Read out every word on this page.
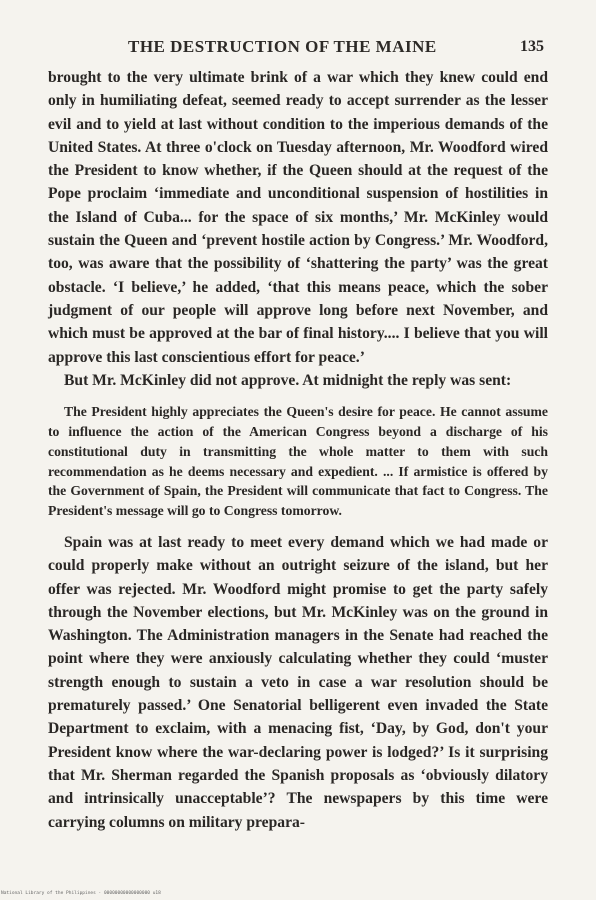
THE DESTRUCTION OF THE MAINE	135

brought to the very ultimate brink of a war which they knew could end only in humiliating defeat, seemed ready to accept surrender as the lesser evil and to yield at last without condition to the imperious demands of the United States. At three o'clock on Tuesday afternoon, Mr. Woodford wired the President to know whether, if the Queen should at the request of the Pope proclaim ‘immediate and unconditional suspension of hostilities in the Island of Cuba... for the space of six months,’ Mr. McKinley would sustain the Queen and ‘prevent hostile action by Congress.’ Mr. Woodford, too, was aware that the possibility of ‘shattering the party’ was the great obstacle. ‘I believe,’ he added, ‘that this means peace, which the sober judgment of our people will approve long before next November, and which must be approved at the bar of final history.... I believe that you will approve this last conscientious effort for peace.’

But Mr. McKinley did not approve. At midnight the reply was sent:

The President highly appreciates the Queen's desire for peace. He cannot assume to influence the action of the American Congress beyond a discharge of his constitutional duty in transmitting the whole matter to them with such recommendation as he deems necessary and expedient. ... If armistice is offered by the Government of Spain, the President will communicate that fact to Congress. The President's message will go to Congress tomorrow.

Spain was at last ready to meet every demand which we had made or could properly make without an outright seizure of the island, but her offer was rejected. Mr. Woodford might promise to get the party safely through the November elections, but Mr. McKinley was on the ground in Washington. The Administration managers in the Senate had reached the point where they were anxiously calculating whether they could ‘muster strength enough to sustain a veto in case a war resolution should be prematurely passed.’ One Senatorial belligerent even invaded the State Department to exclaim, with a menacing fist, ‘Day, by God, don't your President know where the war-declaring power is lodged?’ Is it surprising that Mr. Sherman regarded the Spanish proposals as ‘obviously dilatory and intrinsically unacceptable’? The newspapers by this time were carrying columns on military prepara-

National Library of the Philippines · 00000000000000000 u18
